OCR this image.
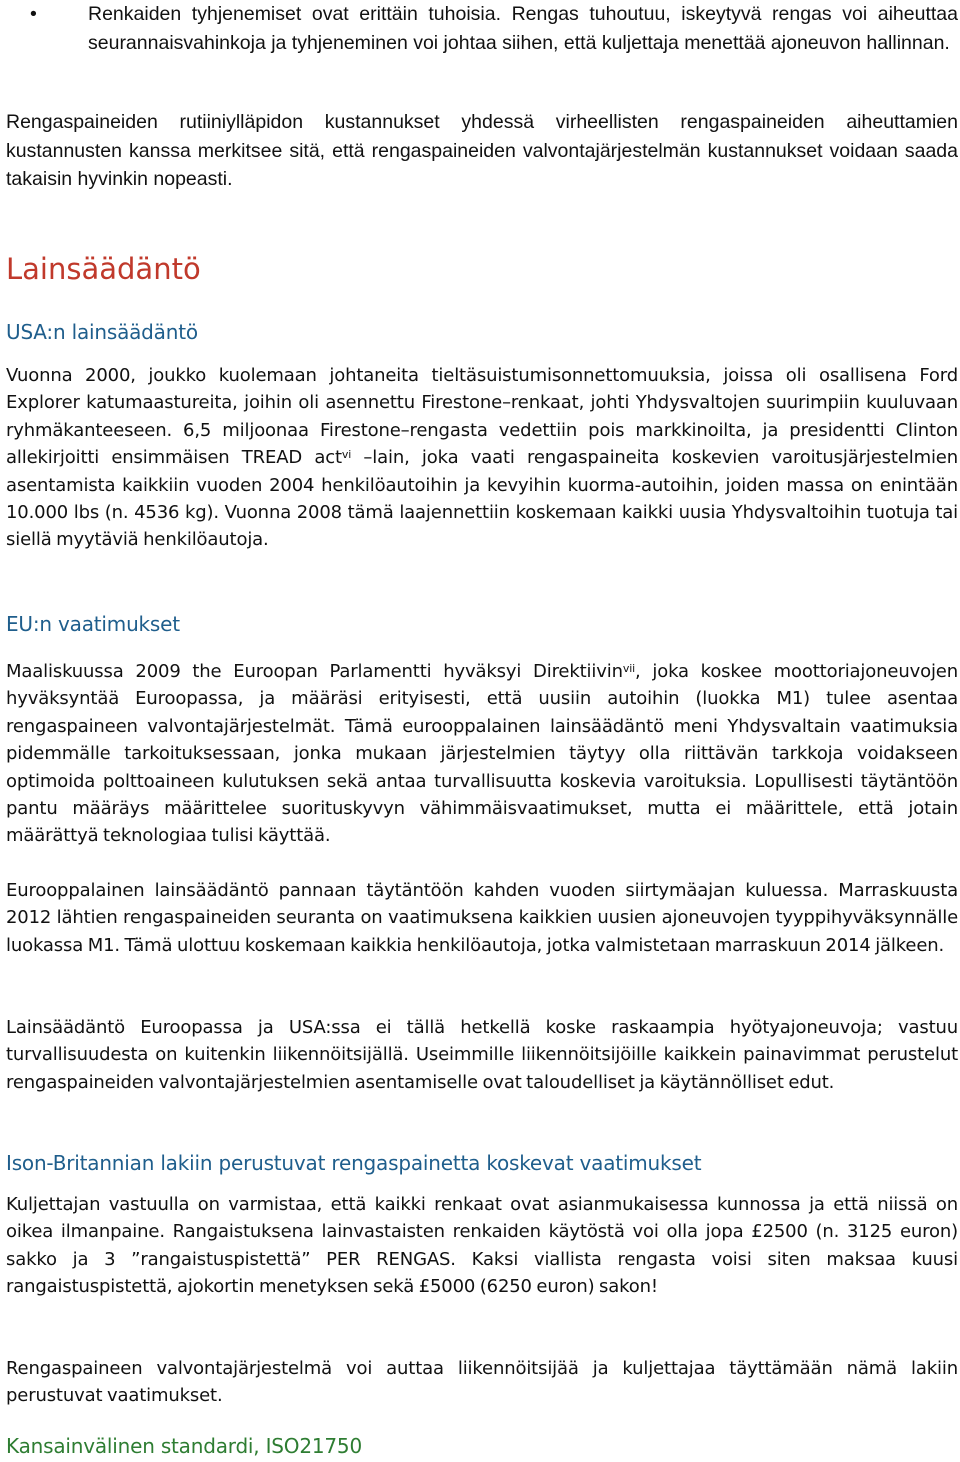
•	Renkaiden tyhjenemiset ovat erittäin tuhoisia. Rengas tuhoutuu, iskeytyvä rengas voi aiheuttaa seurannaisvahinkoja ja tyhjeneminen voi johtaa siihen, että kuljettaja menettää ajoneuvon hallinnan.

Rengaspaineiden rutiiniylläpidon kustannukset yhdessä virheellisten rengaspaineiden aiheuttamien kustannusten kanssa merkitsee sitä, että rengaspaineiden valvontajärjestelmän kustannukset voidaan saada takaisin hyvinkin nopeasti.

Lainsäädäntö
USA:n lainsäädäntö

Vuonna 2000, joukko kuolemaan johtaneita tieltäsuistumisonnettomuuksia, joissa oli osallisena Ford Explorer katumaastureita, joihin oli asennettu Firestone–renkaat, johti Yhdysvaltojen suurimpiin kuuluvaan ryhmäkanteeseen. 6,5 miljoonaa Firestone–rengasta vedettiin pois markkinoilta, ja presidentti Clinton allekirjoitti ensimmäisen TREAD act$^{vi}$ –lain, joka vaati rengaspaineita koskevien varoitusjärjestelmien asentamista kaikkiin vuoden 2004 henkilöautoihin ja kevyihin kuorma-autoihin, joiden massa on enintään 10.000 lbs (n. 4536 kg). Vuonna 2008 tämä laajennettiin koskemaan kaikki uusia Yhdysvaltoihin tuotuja tai siellä myytäviä henkilöautoja.

EU:n vaatimukset

Maaliskuussa 2009 the Euroopan Parlamentti hyväksyi Direktiivin$^{vii}$, joka koskee moottoriajoneuvojen hyväksyntää Euroopassa, ja määräsi erityisesti, että uusiin autoihin (luokka M1) tulee asentaa rengaspaineen valvontajärjestelmät. Tämä eurooppalainen lainsäädäntö meni Yhdysvaltain vaatimuksia pidemmälle tarkoituksessaan, jonka mukaan järjestelmien täytyy olla riittävän tarkkoja voidakseen optimoida polttoaineen kulutuksen sekä antaa turvallisuutta koskevia varoituksia. Lopullisesti täytäntöön pantu määräys määrittelee suorituskyvyn vähimmäisvaatimukset, mutta ei määrittele, että jotain määrättyä teknologiaa tulisi käyttää.

Eurooppalainen lainsäädäntö pannaan täytäntöön kahden vuoden siirtymäajan kuluessa. Marraskuusta 2012 lähtien rengaspaineiden seuranta on vaatimuksena kaikkien uusien ajoneuvojen tyyppihyväksynnälle luokassa M1. Tämä ulottuu koskemaan kaikkia henkilöautoja, jotka valmistetaan marraskuun 2014 jälkeen.

Lainsäädäntö Euroopassa ja USA:ssa ei tällä hetkellä koske raskaampia hyötyajoneuvoja; vastuu turvallisuudesta on kuitenkin liikennöitsijällä. Useimmille liikennöitsijöille kaikkein painavimmat perustelut rengaspaineiden valvontajärjestelmien asentamiselle ovat taloudelliset ja käytännölliset edut.

Ison-Britannian lakiin perustuvat rengaspainetta koskevat vaatimukset

Kuljettajan vastuulla on varmistaa, että kaikki renkaat ovat asianmukaisessa kunnossa ja että niissä on oikea ilmanpaine. Rangaistuksena lainvastaisten renkaiden käytöstä voi olla jopa £2500 (n. 3125 euron) sakko ja 3 ”rangaistuspistettä” PER RENGAS. Kaksi viallista rengasta voisi siten maksaa kuusi rangaistuspistettä, ajokortin menetyksen sekä £5000 (6250 euron) sakon!

Rengaspaineen valvontajärjestelmä voi auttaa liikennöitsijää ja kuljettajaa täyttämään nämä lakiin perustuvat vaatimukset.

Kansainvälinen standardi, ISO21750
